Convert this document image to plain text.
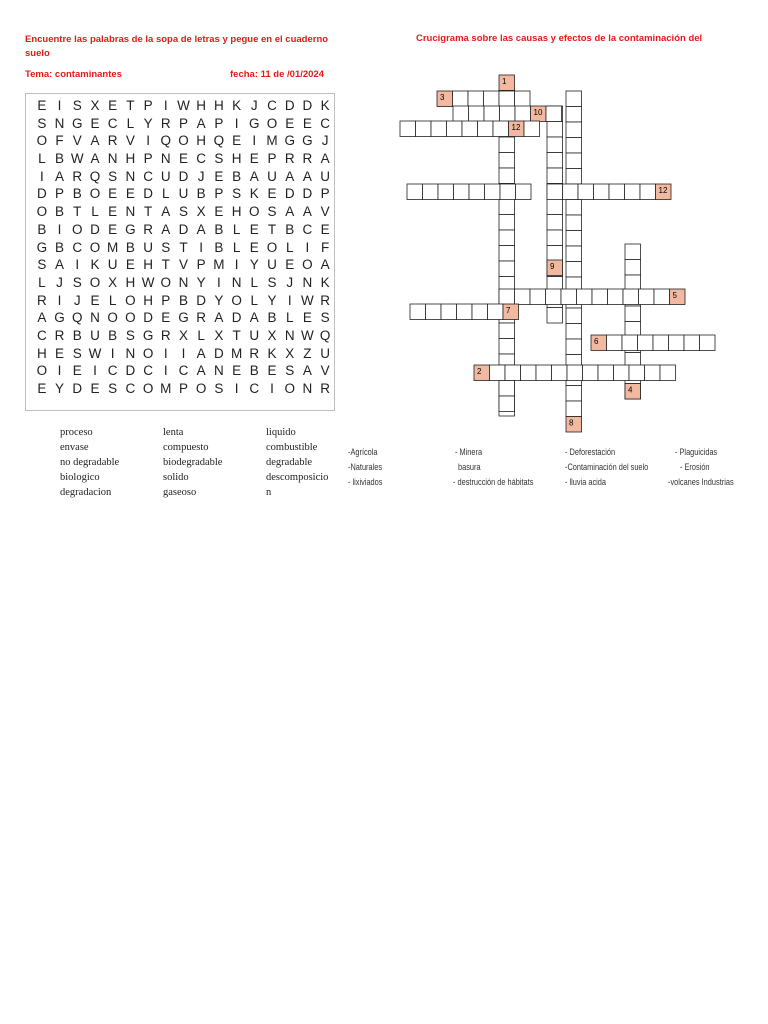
Encuentre las palabras de la sopa de letras y pegue en el cuaderno suelo
Tema: contaminantes	fecha: 11 de /01/2024
Crucigrama sobre las causas y efectos de la contaminación del
E I S X E T P I W H H K J C D D K
S N G E C L Y R P A P I G O E E C
O F V A R V I Q O H Q E I M G G J
L B W A N H P N E C S H E P R R A
I A R Q S N C U D J E B A U A A U
D P B O E E D L U B P S K E D D P
O B T L E N T A S X E H O S A A V
B I O D E G R A D A B L E T B C E
G B C O M B U S T I B L E O L I F
S A I K U E H T V P M I Y U E O A
L J S O X H W O N Y I N L S J N K
R I J E L O H P B D Y O L Y I W R
A G Q N O O D E G R A D A B L E S
C R B U B S G R X L X T U X N W Q
H E S W I N O I	I A D M R K X Z U
O I E I C D C I C A N E B E S A V
E Y D E S C O M P O S I C I O N R
proceso
envase
no degradable
biologico
degradacion
lenta
compuesto
biodegradable
solido
gaseoso
liquido
combustible
degradable
descomposicio
n
1
8
4
3
10
12
12
9
5
7
6
2
-Agrícola
-Naturales
- lixiviados
- Minera
basura
- destrucción de hábitats
- Deforestación
-Contaminación del suelo
- lluvia acida
- Plaguicidas
- Erosión
-volcanes Industrias
